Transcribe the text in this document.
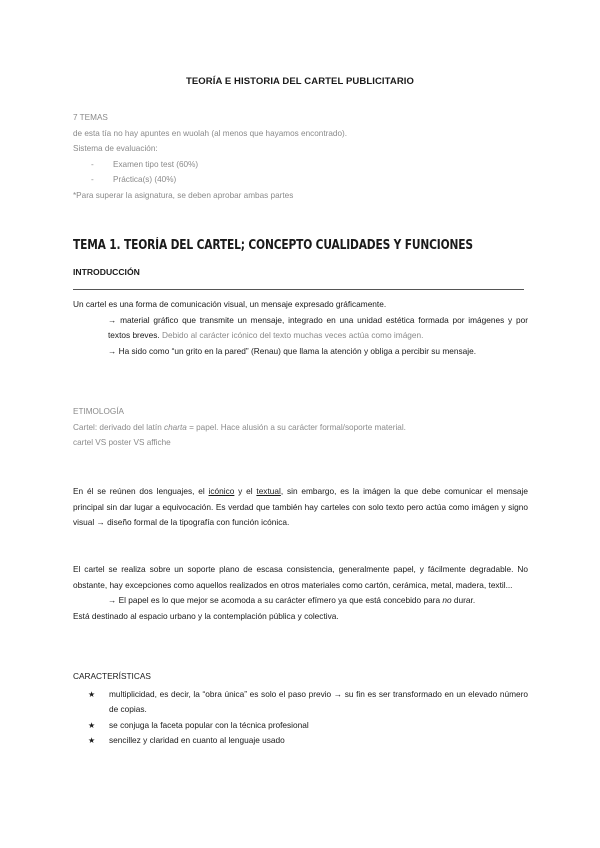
TEORÍA E HISTORIA DEL CARTEL PUBLICITARIO
7 TEMAS
de esta tía no hay apuntes en wuolah (al menos que hayamos encontrado).
Sistema de evaluación:
- Examen tipo test (60%)
- Práctica(s) (40%)
*Para superar la asignatura, se deben aprobar ambas partes
TEMA 1. TEORÍA DEL CARTEL; CONCEPTO CUALIDADES Y FUNCIONES
INTRODUCCIÓN
Un cartel es una forma de comunicación visual, un mensaje expresado gráficamente.
→ material gráfico que transmite un mensaje, integrado en una unidad estética formada por imágenes y por textos breves. Debido al carácter icónico del texto muchas veces actúa como imágen.
→ Ha sido como “un grito en la pared” (Renau) que llama la atención y obliga a percibir su mensaje.
ETIMOLOGÍA
Cartel: derivado del latín charta = papel. Hace alusión a su carácter formal/soporte material.
cartel VS poster VS affiche
En él se reúnen dos lenguajes, el icónico y el textual, sin embargo, es la imágen la que debe comunicar el mensaje principal sin dar lugar a equivocación. Es verdad que también hay carteles con solo texto pero actúa como imágen y signo visual → diseño formal de la tipografía con función icónica.
El cartel se realiza sobre un soporte plano de escasa consistencia, generalmente papel, y fácilmente degradable. No obstante, hay excepciones como aquellos realizados en otros materiales como cartón, cerámica, metal, madera, textil...
→ El papel es lo que mejor se acomoda a su carácter efímero ya que está concebido para no durar.
Está destinado al espacio urbano y la contemplación pública y colectiva.
CARACTERÍSTICAS
★ multiplicidad, es decir, la “obra única” es solo el paso previo → su fin es ser transformado en un elevado número de copias.
★ se conjuga la faceta popular con la técnica profesional
★ sencillez y claridad en cuanto al lenguaje usado
